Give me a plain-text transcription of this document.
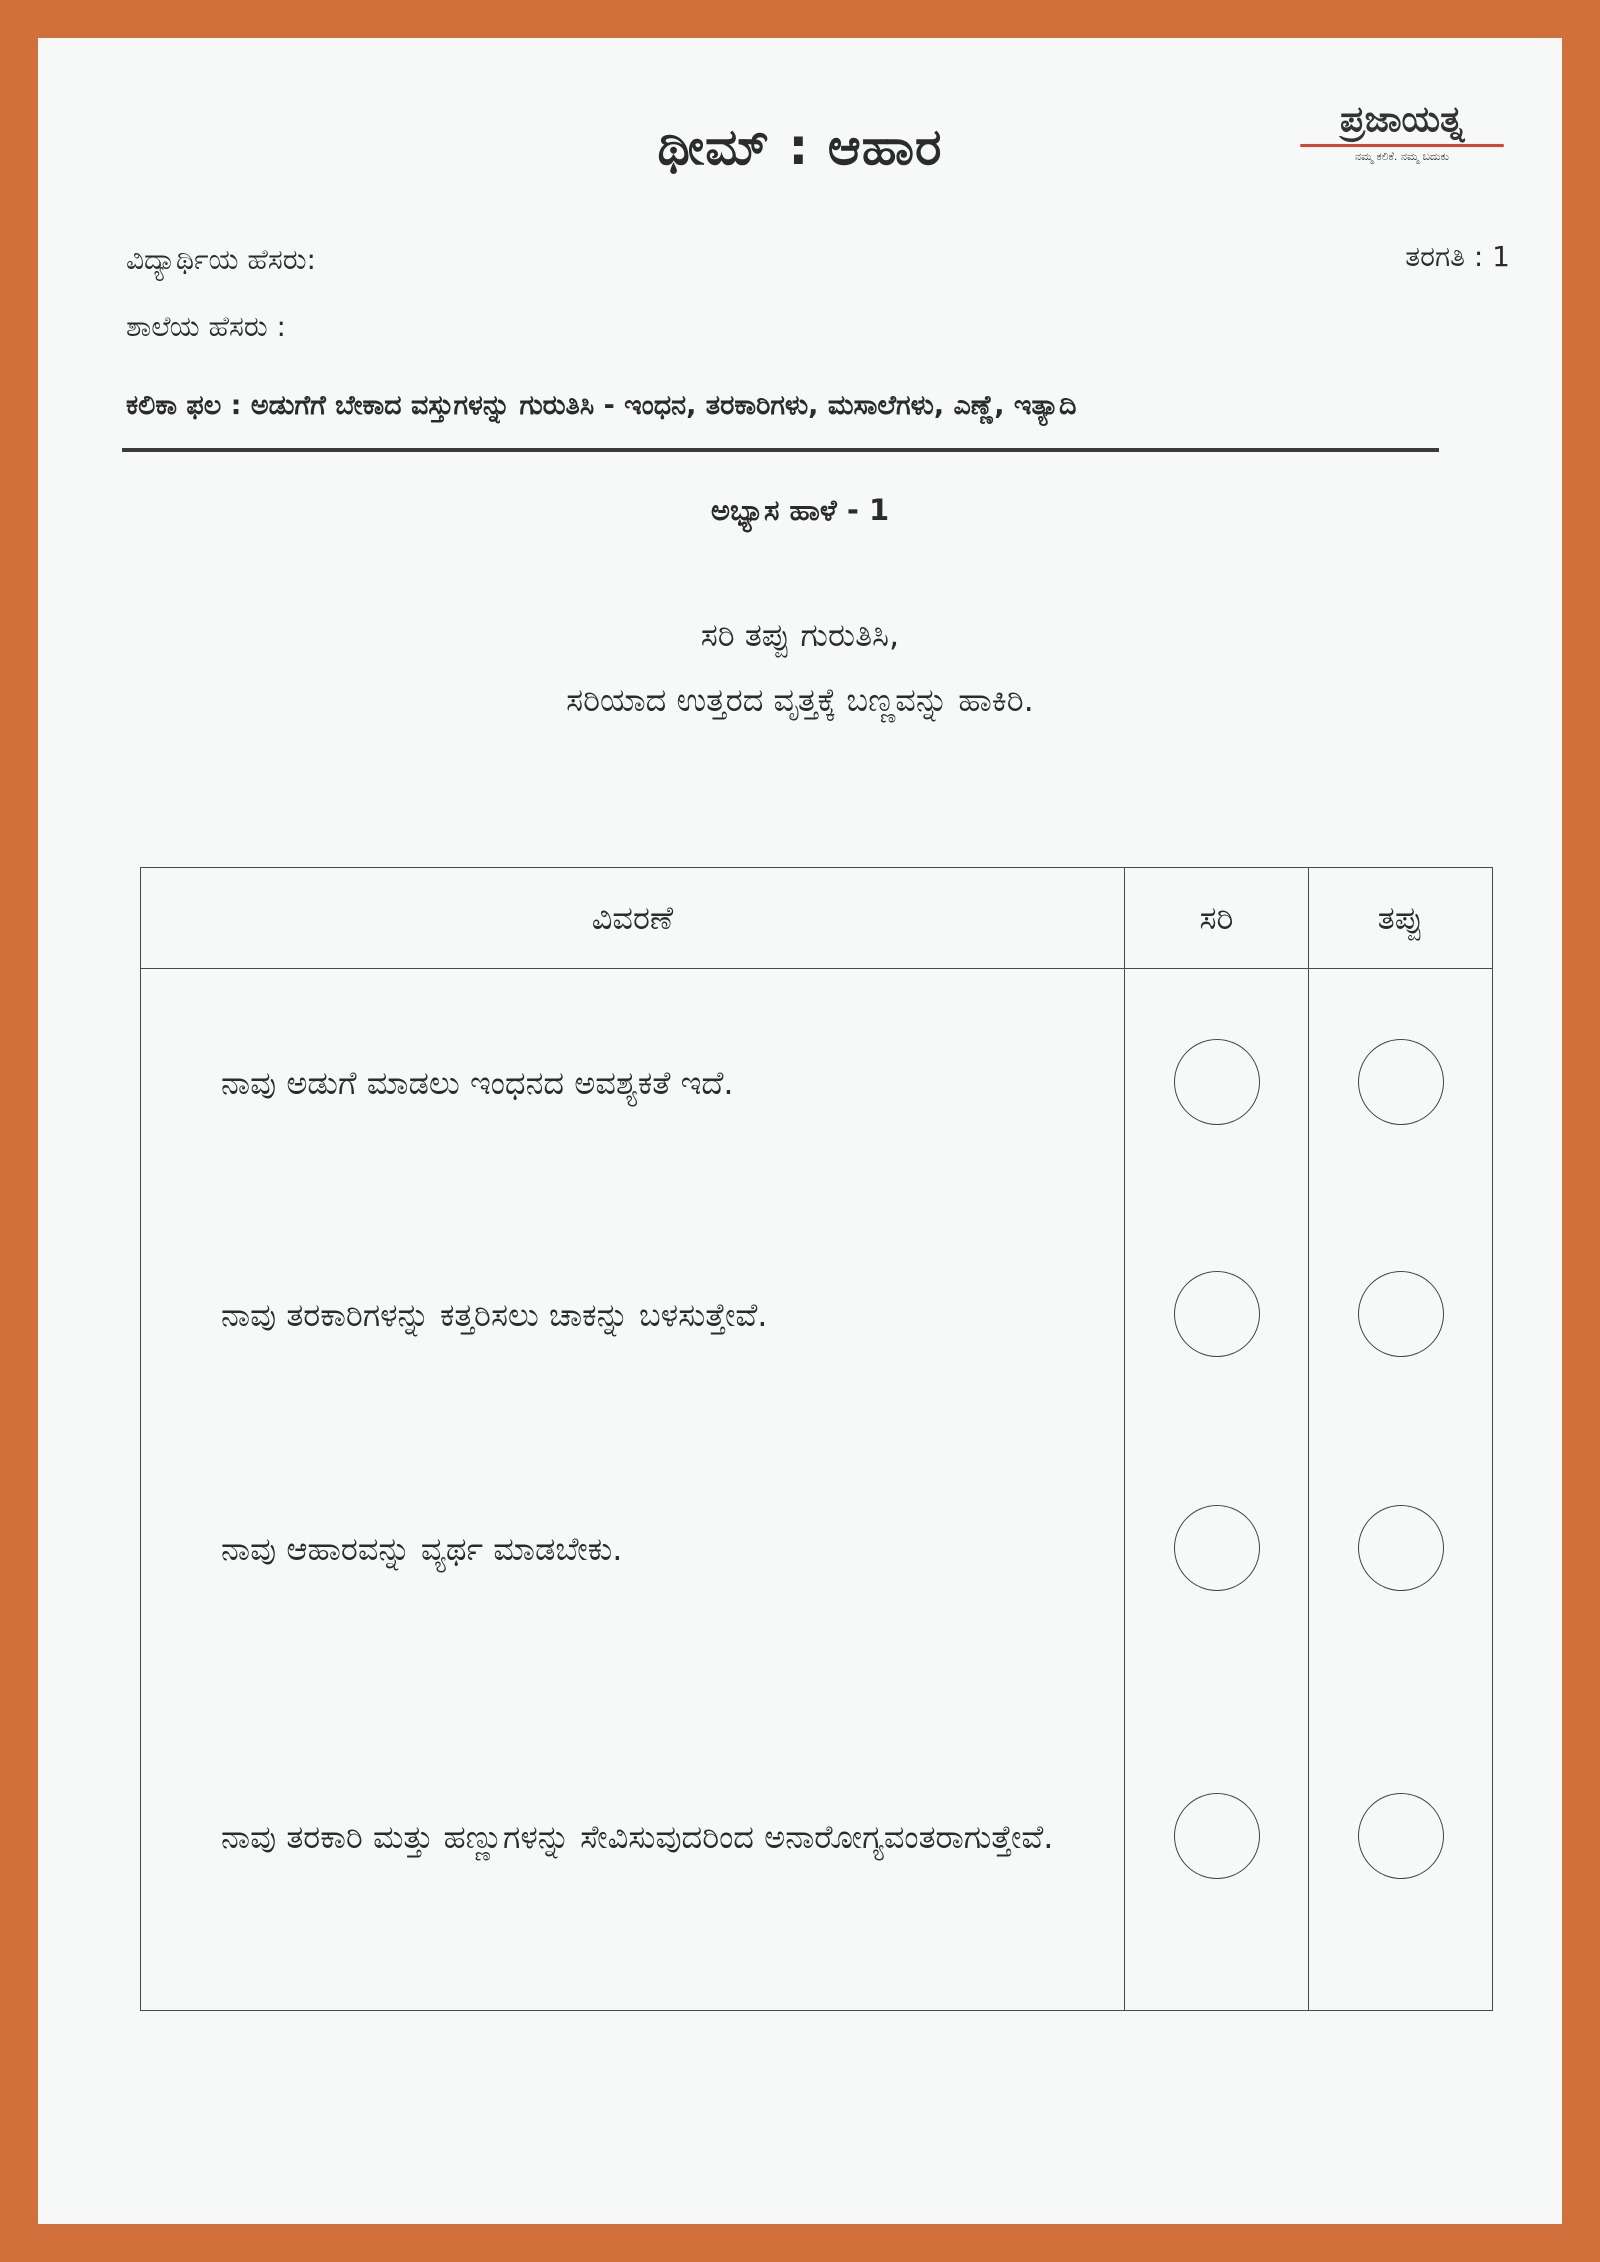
ಥೀಮ್ : ಆಹಾರ	ಪ್ರಜಾಯತ್ನ
ನಮ್ಮ ಕಲಿಕೆ. ನಮ್ಮ ಬದುಕು
ವಿದ್ಯಾರ್ಥಿಯ ಹೆಸರು:	ತರಗತಿ : 1
ಶಾಲೆಯ ಹೆಸರು :
ಕಲಿಕಾ ಫಲ : ಅಡುಗೆಗೆ ಬೇಕಾದ ವಸ್ತುಗಳನ್ನು ಗುರುತಿಸಿ - ಇಂಧನ, ತರಕಾರಿಗಳು, ಮಸಾಲೆಗಳು, ಎಣ್ಣೆ, ಇತ್ಯಾದಿ
ಅಭ್ಯಾಸ ಹಾಳೆ - 1
ಸರಿ ತಪ್ಪು ಗುರುತಿಸಿ,
ಸರಿಯಾದ ಉತ್ತರದ ವೃತ್ತಕ್ಕೆ ಬಣ್ಣವನ್ನು ಹಾಕಿರಿ.
ವಿವರಣೆ	ಸರಿ	ತಪ್ಪು
ನಾವು ಅಡುಗೆ ಮಾಡಲು ಇಂಧನದ ಅವಶ್ಯಕತೆ ಇದೆ.		
ನಾವು ತರಕಾರಿಗಳನ್ನು ಕತ್ತರಿಸಲು ಚಾಕನ್ನು ಬಳಸುತ್ತೇವೆ.		
ನಾವು ಆಹಾರವನ್ನು ವ್ಯರ್ಥ ಮಾಡಬೇಕು.		
ನಾವು ತರಕಾರಿ ಮತ್ತು ಹಣ್ಣುಗಳನ್ನು ಸೇವಿಸುವುದರಿಂದ ಅನಾರೋಗ್ಯವಂತರಾಗುತ್ತೇವೆ.		
